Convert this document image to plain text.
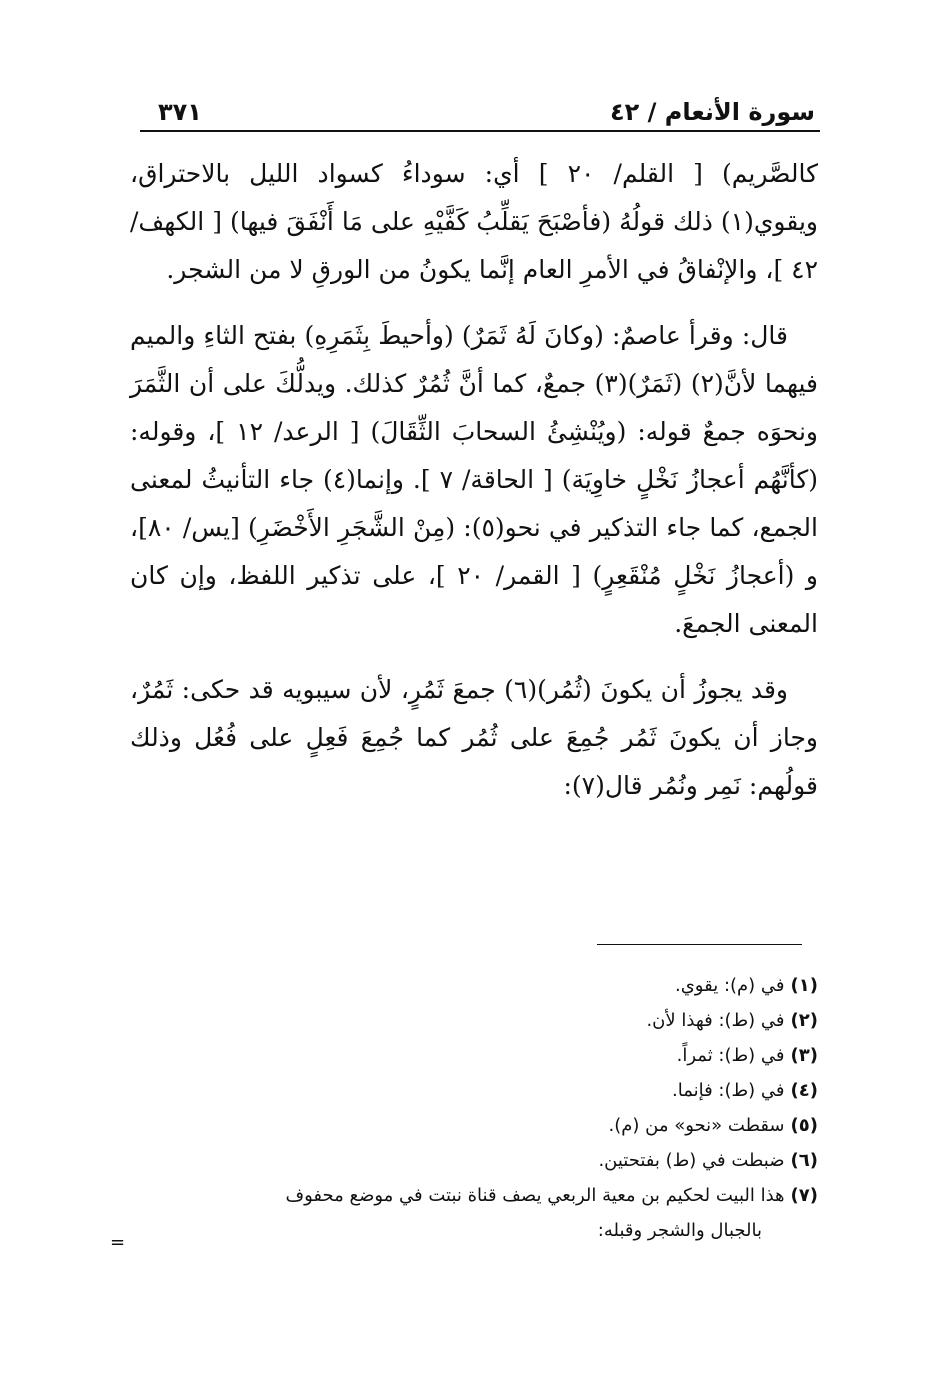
سورة الأنعام / ٤٢
٣٧١

كالصَّريم) [ القلم/ ٢٠ ] أي: سوداءُ كسواد الليل بالاحتراق، ويقوي(١) ذلك قولُهُ (فأصْبَحَ يَقلِّبُ كَفَّيْهِ على مَا أَنْفَقَ فيها) [ الكهف/ ٤٢ ]، والإنْفاقُ في الأمرِ العام إنَّما يكونُ من الورقِ لا من الشجر.

قال: وقرأ عاصمٌ: (وكانَ لَهُ ثَمَرٌ) (وأحيطَ بِثَمَرِهِ) بفتح الثاءِ والميم فيهما لأنَّ(٢) (ثَمَرٌ)(٣) جمعٌ، كما أنَّ ثُمُرٌ كذلك. ويدلُّكَ على أن الثَّمَرَ ونحوَه جمعٌ قوله: (ويُنْشِئُ السحابَ الثِّقَالَ) [ الرعد/ ١٢ ]، وقوله: (كأنَّهُم أعجازُ نَخْلٍ خاوِيَة) [ الحاقة/ ٧ ]. وإنما(٤) جاء التأنيثُ لمعنى الجمع، كما جاء التذكير في نحو(٥): (مِنْ الشَّجَرِ الأَخْضَرِ) [يس/ ٨٠]، و (أعجازُ نَخْلٍ مُنْقَعِرٍ) [ القمر/ ٢٠ ]، على تذكير اللفظ، وإن كان المعنى الجمعَ.

وقد يجوزُ أن يكونَ (ثُمُر)(٦) جمعَ ثَمُرٍ، لأن سيبويه قد حكى: ثَمُرٌ، وجاز أن يكونَ ثَمُر جُمِعَ على ثُمُر كما جُمِعَ فَعِلٍ على فُعُل وذلك قولُهم: نَمِر ونُمُر قال(٧):

(١)في (م): يقوي.

(٢)في (ط): فهذا لأن.

(٣)في (ط): ثمراً.

(٤)في (ط): فإنما.

(٥)سقطت «نحو» من (م).

(٦)ضبطت في (ط) بفتحتين.

(٧)هذا البيت لحكيم بن معية الربعي يصف قناة نبتت في موضع محفوف

بالجبال والشجر وقبله:

=
